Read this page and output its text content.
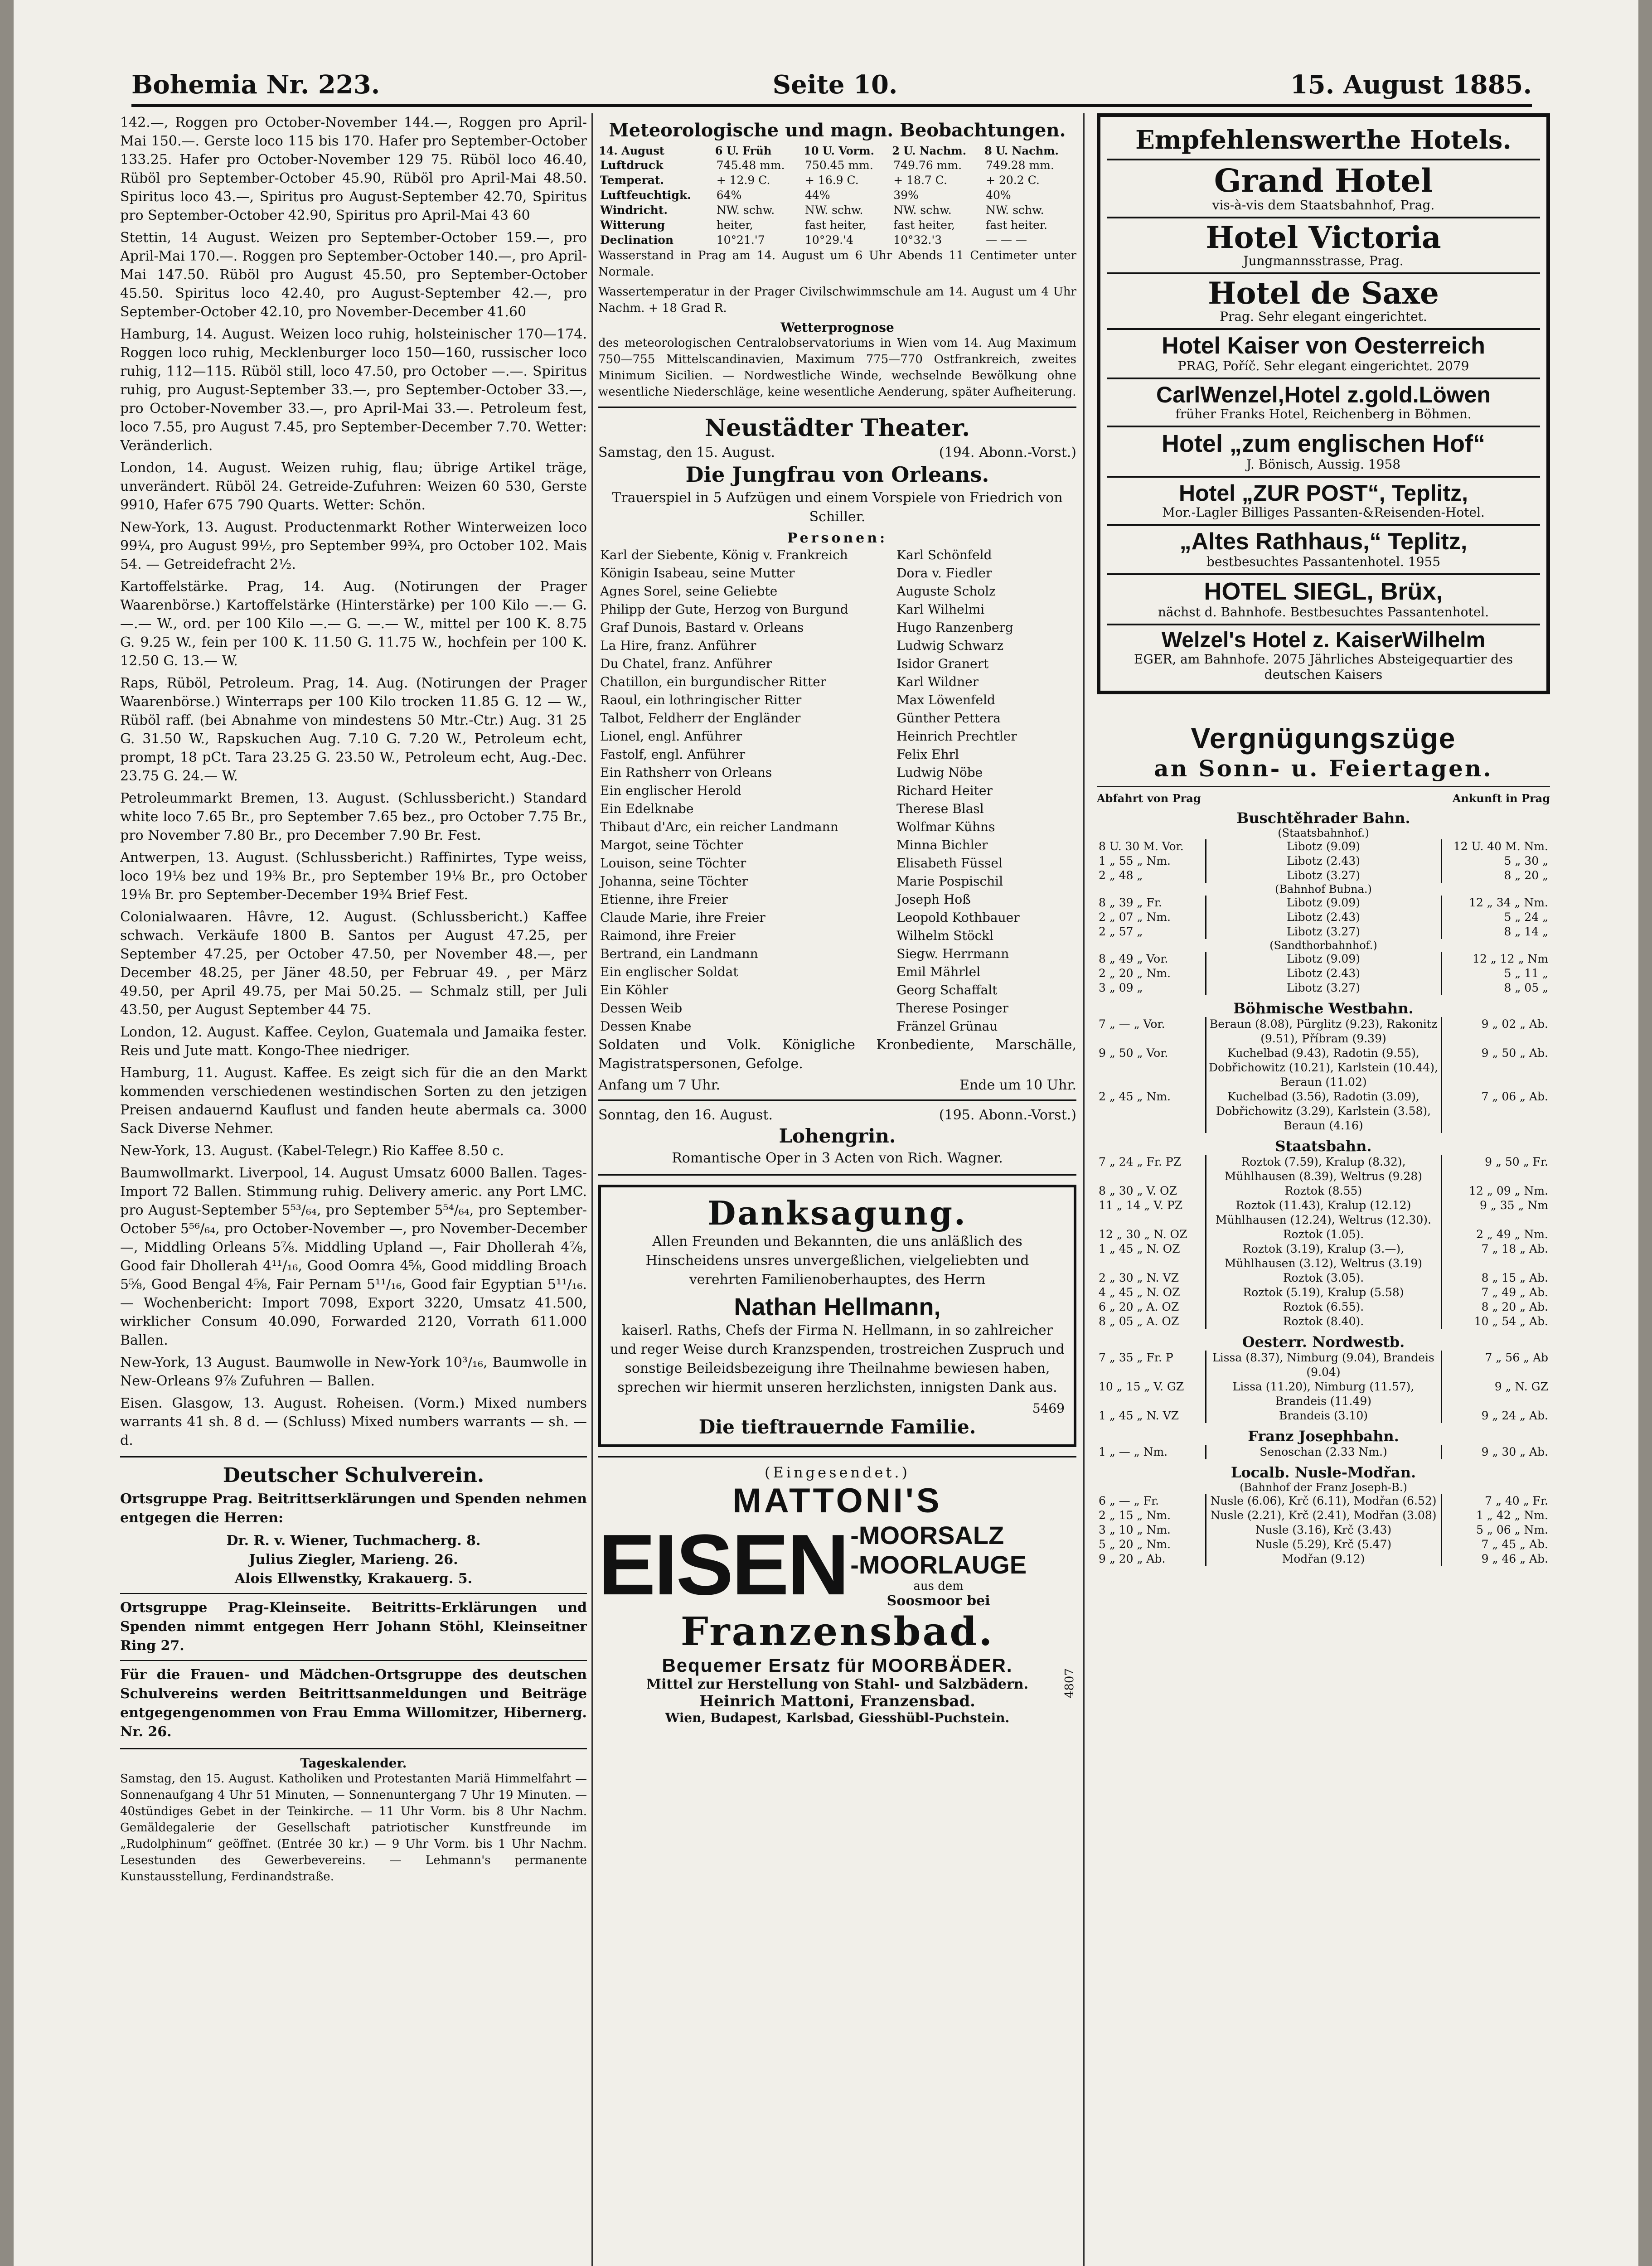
Bohemia Nr. 223.	Seite 10.	15. August 1885.

142.—, Roggen pro October-November 144.—, Roggen pro April-Mai 150.—. Gerste loco 115 bis 170. Hafer pro September-October 133.25. Hafer pro October-November 129 75. Rüböl loco 46.40, Rüböl pro September-October 45.90, Rüböl pro April-Mai 48.50. Spiritus loco 43.—, Spiritus pro August-September 42.70, Spiritus pro September-October 42.90, Spiritus pro April-Mai 43 60

Stettin, 14 August. Weizen pro September-October 159.—, pro April-Mai 170.—. Roggen pro September-October 140.—, pro April-Mai 147.50. Rüböl pro August 45.50, pro September-October 45.50. Spiritus loco 42.40, pro August-September 42.—, pro September-October 42.10, pro November-December 41.60

Hamburg, 14. August. Weizen loco ruhig, holsteinischer 170—174. Roggen loco ruhig, Mecklenburger loco 150—160, russischer loco ruhig, 112—115. Rüböl still, loco 47.50, pro October —.—. Spiritus ruhig, pro August-September 33.—, pro September-October 33.—, pro October-November 33.—, pro April-Mai 33.—. Petroleum fest, loco 7.55, pro August 7.45, pro September-December 7.70. Wetter: Veränderlich.

London, 14. August. Weizen ruhig, flau; übrige Artikel träge, unverändert. Rüböl 24. Getreide-Zufuhren: Weizen 60 530, Gerste 9910, Hafer 675 790 Quarts. Wetter: Schön.

New-York, 13. August. Productenmarkt Rother Winterweizen loco 99¼, pro August 99½, pro September 99¾, pro October 102. Mais 54. — Getreidefracht 2½.

Kartoffelstärke. Prag, 14. Aug. (Notirungen der Prager Waarenbörse.) Kartoffelstärke (Hinterstärke) per 100 Kilo —.— G. —.— W., ord. per 100 Kilo —.— G. —.— W., mittel per 100 K. 8.75 G. 9.25 W., fein per 100 K. 11.50 G. 11.75 W., hochfein per 100 K. 12.50 G. 13.— W.

Raps, Rüböl, Petroleum. Prag, 14. Aug. (Notirungen der Prager Waarenbörse.) Winterraps per 100 Kilo trocken 11.85 G. 12 — W., Rüböl raff. (bei Abnahme von mindestens 50 Mtr.-Ctr.) Aug. 31 25 G. 31.50 W., Rapskuchen Aug. 7.10 G. 7.20 W., Petroleum echt, prompt, 18 pCt. Tara 23.25 G. 23.50 W., Petroleum echt, Aug.-Dec. 23.75 G. 24.— W.

Petroleummarkt Bremen, 13. August. (Schlussbericht.) Standard white loco 7.65 Br., pro September 7.65 bez., pro October 7.75 Br., pro November 7.80 Br., pro December 7.90 Br. Fest.

Antwerpen, 13. August. (Schlussbericht.) Raffinirtes, Type weiss, loco 19⅛ bez und 19⅜ Br., pro September 19⅛ Br., pro October 19⅛ Br. pro September-December 19¾ Brief Fest.

Colonialwaaren. Hâvre, 12. August. (Schlussbericht.) Kaffee schwach. Verkäufe 1800 B. Santos per August 47.25, per September 47.25, per October 47.50, per November 48.—, per December 48.25, per Jäner 48.50, per Februar 49. , per März 49.50, per April 49.75, per Mai 50.25. — Schmalz still, per Juli 43.50, per August September 44 75.

London, 12. August. Kaffee. Ceylon, Guatemala und Jamaika fester. Reis und Jute matt. Kongo-Thee niedriger.

Hamburg, 11. August. Kaffee. Es zeigt sich für die an den Markt kommenden verschiedenen westindischen Sorten zu den jetzigen Preisen andauernd Kauflust und fanden heute abermals ca. 3000 Sack Diverse Nehmer.

New-York, 13. August. (Kabel-Telegr.) Rio Kaffee 8.50 c.

Baumwollmarkt. Liverpool, 14. August Umsatz 6000 Ballen. Tages-Import 72 Ballen. Stimmung ruhig. Delivery americ. any Port LMC. pro August-September 5⁵³/₆₄, pro September 5⁵⁴/₆₄, pro September-October 5⁵⁶/₆₄, pro October-November —, pro November-December —, Middling Orleans 5⅞. Middling Upland —, Fair Dhollerah 4⅞, Good fair Dhollerah 4¹¹/₁₆, Good Oomra 4⅝, Good middling Broach 5⅝, Good Bengal 4⅝, Fair Pernam 5¹¹/₁₆, Good fair Egyptian 5¹¹/₁₆. — Wochenbericht: Import 7098, Export 3220, Umsatz 41.500, wirklicher Consum 40.090, Forwarded 2120, Vorrath 611.000 Ballen.

New-York, 13 August. Baumwolle in New-York 10³/₁₆, Baumwolle in New-Orleans 9⅞ Zufuhren — Ballen.

Eisen. Glasgow, 13. August. Roheisen. (Vorm.) Mixed numbers warrants 41 sh. 8 d. — (Schluss) Mixed numbers warrants — sh. — d.

Deutscher Schulverein.

Ortsgruppe Prag. Beitrittserklärungen und Spenden nehmen entgegen die Herren:

Dr. R. v. Wiener, Tuchmacherg. 8.

Julius Ziegler, Marieng. 26.

Alois Ellwenstky, Krakauerg. 5.

Ortsgruppe Prag-Kleinseite. Beitritts-Erklärungen und Spenden nimmt entgegen Herr Johann Stöhl, Kleinseitner Ring 27.

Für die Frauen- und Mädchen-Ortsgruppe des deutschen Schulvereins werden Beitrittsanmeldungen und Beiträge entgegengenommen von Frau Emma Willomitzer, Hibernerg. Nr. 26.

Tageskalender.

Samstag, den 15. August. Katholiken und Protestanten Mariä Himmelfahrt — Sonnenaufgang 4 Uhr 51 Minuten, — Sonnenuntergang 7 Uhr 19 Minuten. — 40stündiges Gebet in der Teinkirche. — 11 Uhr Vorm. bis 8 Uhr Nachm. Gemäldegalerie der Gesellschaft patriotischer Kunstfreunde im „Rudolphinum“ geöffnet. (Entrée 30 kr.) — 9 Uhr Vorm. bis 1 Uhr Nachm. Lesestunden des Gewerbevereins. — Lehmann's permanente Kunstausstellung, Ferdinandstraße.

Meteorologische und magn. Beobachtungen.
14. August	6 U. Früh	10 U. Vorm.	2 U. Nachm.	8 U. Nachm.
Luftdruck	745.48 mm.	750.45 mm.	749.76 mm.	749.28 mm.
Temperat.	+ 12.9 C.	+ 16.9 C.	+ 18.7 C.	+ 20.2 C.
Luftfeuchtigk.	64%	44%	39%	40%
Windricht.	NW. schw.	NW. schw.	NW. schw.	NW. schw.
Witterung	heiter,	fast heiter,	fast heiter,	fast heiter.
Declination	10°21.'7	10°29.'4	10°32.'3	— — —

Wasserstand in Prag am 14. August um 6 Uhr Abends 11 Centimeter unter Normale.

Wassertemperatur in der Prager Civilschwimmschule am 14. August um 4 Uhr Nachm. + 18 Grad R.

Wetterprognose

des meteorologischen Centralobservatoriums in Wien vom 14. Aug Maximum 750—755 Mittelscandinavien, Maximum 775—770 Ostfrankreich, zweites Minimum Sicilien. — Nordwestliche Winde, wechselnde Bewölkung ohne wesentliche Niederschläge, keine wesentliche Aenderung, später Aufheiterung.

Neustädter Theater.
Samstag, den 15. August.	(194. Abonn.-Vorst.)
Die Jungfrau von Orleans.

Trauerspiel in 5 Aufzügen und einem Vorspiele von Friedrich von Schiller.

Personen:
Karl der Siebente, König v. Frankreich	Karl Schönfeld
Königin Isabeau, seine Mutter	Dora v. Fiedler
Agnes Sorel, seine Geliebte	Auguste Scholz
Philipp der Gute, Herzog von Burgund	Karl Wilhelmi
Graf Dunois, Bastard v. Orleans	Hugo Ranzenberg
La Hire, franz. Anführer	Ludwig Schwarz
Du Chatel, franz. Anführer	Isidor Granert
Chatillon, ein burgundischer Ritter	Karl Wildner
Raoul, ein lothringischer Ritter	Max Löwenfeld
Talbot, Feldherr der Engländer	Günther Pettera
Lionel, engl. Anführer	Heinrich Prechtler
Fastolf, engl. Anführer	Felix Ehrl
Ein Rathsherr von Orleans	Ludwig Nöbe
Ein englischer Herold	Richard Heiter
Ein Edelknabe	Therese Blasl
Thibaut d'Arc, ein reicher Landmann	Wolfmar Kühns
Margot, seine Töchter	Minna Bichler
Louison, seine Töchter	Elisabeth Füssel
Johanna, seine Töchter	Marie Pospischil
Etienne, ihre Freier	Joseph Hoß
Claude Marie, ihre Freier	Leopold Kothbauer
Raimond, ihre Freier	Wilhelm Stöckl
Bertrand, ein Landmann	Siegw. Herrmann
Ein englischer Soldat	Emil Mährlel
Ein Köhler	Georg Schaffalt
Dessen Weib	Therese Posinger
Dessen Knabe	Fränzel Grünau

Soldaten und Volk. Königliche Kronbediente, Marschälle, Magistratspersonen, Gefolge.

Anfang um 7 Uhr.	Ende um 10 Uhr.
Sonntag, den 16. August.	(195. Abonn.-Vorst.)
Lohengrin.

Romantische Oper in 3 Acten von Rich. Wagner.

Danksagung.

Allen Freunden und Bekannten, die uns anläßlich des Hinscheidens unsres unvergeßlichen, vielgeliebten und verehrten Familienoberhauptes, des Herrn

Nathan Hellmann,

kaiserl. Raths, Chefs der Firma N. Hellmann, in so zahlreicher und reger Weise durch Kranzspenden, trostreichen Zuspruch und sonstige Beileidsbezeigung ihre Theilnahme bewiesen haben, sprechen wir hiermit unseren herzlichsten, innigsten Dank aus.

5469
Die tieftrauernde Familie.
(Eingesendet.)
MATTONI'S
EISEN -MOORSALZ
-MOORLAUGE
aus dem
Soosmoor bei
Franzensbad.
Bequemer Ersatz für MOORBÄDER.
Mittel zur Herstellung von Stahl- und Salzbädern.
Heinrich Mattoni, Franzensbad.
Wien, Budapest, Karlsbad, Giesshübl-Puchstein.
4807
Empfehlenswerthe Hotels.
Grand Hotel
vis-à-vis dem Staatsbahnhof, Prag.
Hotel Victoria
Jungmannsstrasse, Prag.
Hotel de Saxe
Prag. Sehr elegant eingerichtet.
Hotel Kaiser von Oesterreich
PRAG, Poříč. Sehr elegant eingerichtet. 2079
CarlWenzel,Hotel z.gold.Löwen
früher Franks Hotel, Reichenberg in Böhmen.
Hotel „zum englischen Hof“
J. Bönisch, Aussig. 1958
Hotel „ZUR POST“, Teplitz,
Mor.-Lagler Billiges Passanten-&Reisenden-Hotel.
„Altes Rathhaus,“ Teplitz,
bestbesuchtes Passantenhotel. 1955
HOTEL SIEGL, Brüx,
nächst d. Bahnhofe. Bestbesuchtes Passantenhotel.
Welzel's Hotel z. KaiserWilhelm
EGER, am Bahnhofe. 2075 Jährliches Absteigequartier des deutschen Kaisers
Vergnügungszüge
an Sonn- u. Feiertagen.
Abfahrt von Prag	Ankunft in Prag
Buschtěhrader Bahn.
(Staatsbahnhof.)
8 U. 30 M. Vor.	Libotz (9.09)	12 U. 40 M. Nm.
1 „ 55 „ Nm.	Libotz (2.43)	5 „ 30 „
2 „ 48 „	Libotz (3.27)	8 „ 20 „
(Bahnhof Bubna.)
8 „ 39 „ Fr.	Libotz (9.09)	12 „ 34 „ Nm.
2 „ 07 „ Nm.	Libotz (2.43)	5 „ 24 „
2 „ 57 „	Libotz (3.27)	8 „ 14 „
(Sandthorbahnhof.)
8 „ 49 „ Vor.	Libotz (9.09)	12 „ 12 „ Nm
2 „ 20 „ Nm.	Libotz (2.43)	5 „ 11 „
3 „ 09 „	Libotz (3.27)	8 „ 05 „
Böhmische Westbahn.
7 „ — „ Vor.	Beraun (8.08), Pürglitz (9.23), Rakonitz (9.51), Příbram (9.39)	9 „ 02 „ Ab.
9 „ 50 „ Vor.	Kuchelbad (9.43), Radotin (9.55), Dobřichowitz (10.21), Karlstein (10.44), Beraun (11.02)	9 „ 50 „ Ab.
2 „ 45 „ Nm.	Kuchelbad (3.56), Radotin (3.09), Dobřichowitz (3.29), Karlstein (3.58), Beraun (4.16)	7 „ 06 „ Ab.
Staatsbahn.
7 „ 24 „ Fr. PZ	Roztok (7.59), Kralup (8.32), Mühlhausen (8.39), Weltrus (9.28)	9 „ 50 „ Fr.
8 „ 30 „ V. OZ	Roztok (8.55)	12 „ 09 „ Nm.
11 „ 14 „ V. PZ	Roztok (11.43), Kralup (12.12) Mühlhausen (12.24), Weltrus (12.30).	9 „ 35 „ Nm
12 „ 30 „ N. OZ	Roztok (1.05).	2 „ 49 „ Nm.
1 „ 45 „ N. OZ	Roztok (3.19), Kralup (3.—), Mühlhausen (3.12), Weltrus (3.19)	7 „ 18 „ Ab.
2 „ 30 „ N. VZ	Roztok (3.05).	8 „ 15 „ Ab.
4 „ 45 „ N. OZ	Roztok (5.19), Kralup (5.58)	7 „ 49 „ Ab.
6 „ 20 „ A. OZ	Roztok (6.55).	8 „ 20 „ Ab.
8 „ 05 „ A. OZ	Roztok (8.40).	10 „ 54 „ Ab.
Oesterr. Nordwestb.
7 „ 35 „ Fr. P	Lissa (8.37), Nimburg (9.04), Brandeis (9.04)	7 „ 56 „ Ab
10 „ 15 „ V. GZ	Lissa (11.20), Nimburg (11.57), Brandeis (11.49)	9 „ N. GZ
1 „ 45 „ N. VZ	Brandeis (3.10)	9 „ 24 „ Ab.
Franz Josephbahn.
1 „ — „ Nm.	Senoschan (2.33 Nm.)	9 „ 30 „ Ab.
Localb. Nusle-Modřan.
(Bahnhof der Franz Joseph-B.)
6 „ — „ Fr.	Nusle (6.06), Krč (6.11), Modřan (6.52)	7 „ 40 „ Fr.
2 „ 15 „ Nm.	Nusle (2.21), Krč (2.41), Modřan (3.08)	1 „ 42 „ Nm.
3 „ 10 „ Nm.	Nusle (3.16), Krč (3.43)	5 „ 06 „ Nm.
5 „ 20 „ Nm.	Nusle (5.29), Krč (5.47)	7 „ 45 „ Ab.
9 „ 20 „ Ab.	Modřan (9.12)	9 „ 46 „ Ab.
